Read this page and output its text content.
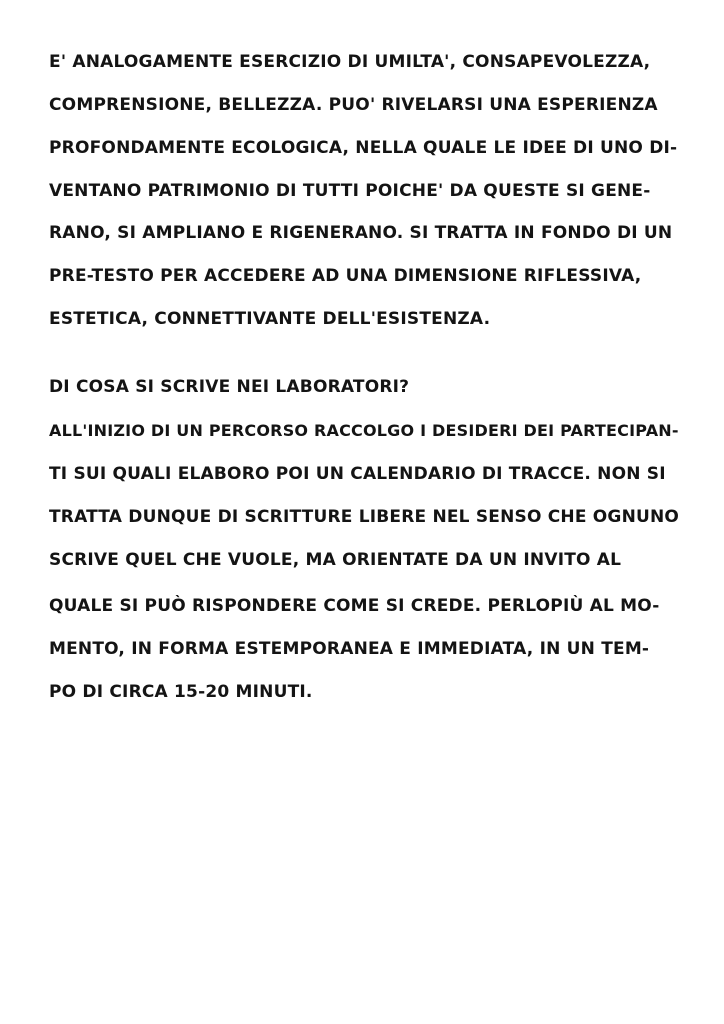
E' ANALOGAMENTE ESERCIZIO DI UMILTA', CONSAPEVOLEZZA,

COMPRENSIONE, BELLEZZA. PUO' RIVELARSI UNA ESPERIENZA

PROFONDAMENTE ECOLOGICA, NELLA QUALE LE IDEE DI UNO DI-

VENTANO PATRIMONIO DI TUTTI POICHE' DA QUESTE SI GENE-

RANO, SI AMPLIANO E RIGENERANO. SI TRATTA IN FONDO DI UN

PRE-TESTO PER ACCEDERE AD UNA DIMENSIONE RIFLESSIVA,

ESTETICA, CONNETTIVANTE DELL'ESISTENZA.

DI COSA SI SCRIVE NEI LABORATORI?

ALL'INIZIO DI UN PERCORSO RACCOLGO I DESIDERI DEI PARTECIPAN-

TI SUI QUALI ELABORO POI UN CALENDARIO DI TRACCE. NON SI

TRATTA DUNQUE DI SCRITTURE LIBERE NEL SENSO CHE OGNUNO

SCRIVE QUEL CHE VUOLE, MA ORIENTATE DA UN INVITO AL

QUALE SI PUÒ RISPONDERE COME SI CREDE. PERLOPIÙ AL MO-

MENTO, IN FORMA ESTEMPORANEA E IMMEDIATA, IN UN TEM-

PO DI CIRCA 15-20 MINUTI.
